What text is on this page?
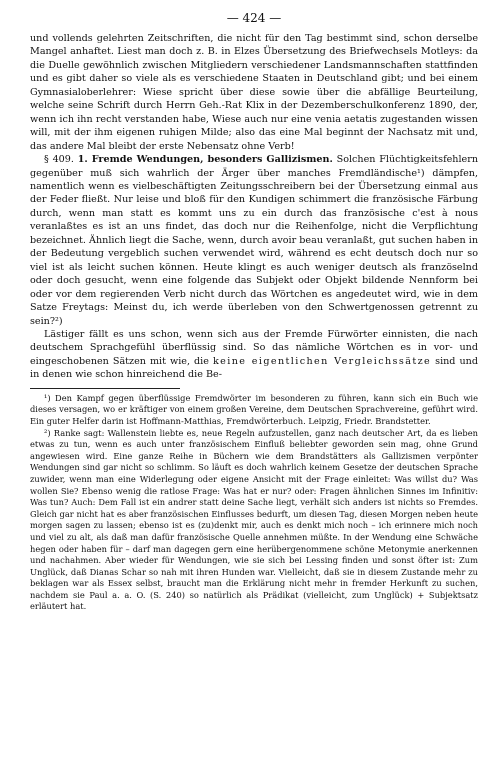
— 424 —

und vollends gelehrten Zeitschriften, die nicht für den Tag bestimmt sind, schon derselbe Mangel anhaftet. Liest man doch z. B. in Elzes Übersetzung des Briefwechsels Motleys: da die Duelle gewöhnlich zwischen Mitgliedern verschiedener Landsmannschaften stattfinden und es gibt daher so viele als es verschiedene Staaten in Deutschland gibt; und bei einem Gymnasialoberlehrer: Wiese spricht über diese sowie über die abfällige Beurteilung, welche seine Schrift durch Herrn Geh.-Rat Klix in der Dezemberschulkonferenz 1890, der, wenn ich ihn recht verstanden habe, Wiese auch nur eine venia aetatis zugestanden wissen will, mit der ihm eigenen ruhigen Milde; also das eine Mal beginnt der Nachsatz mit und, das andere Mal bleibt der erste Nebensatz ohne Verb!

§ 409. 1. Fremde Wendungen, besonders Gallizismen. Solchen Flüchtigkeitsfehlern gegenüber muß sich wahrlich der Ärger über manches Fremdländische¹) dämpfen, namentlich wenn es vielbeschäftigten Zeitungsschreibern bei der Übersetzung einmal aus der Feder fließt. Nur leise und bloß für den Kundigen schimmert die französische Färbung durch, wenn man statt es kommt uns zu ein durch das französische c'est à nous veranlaßtes es ist an uns findet, das doch nur die Reihenfolge, nicht die Verpflichtung bezeichnet. Ähnlich liegt die Sache, wenn, durch avoir beau veranlaßt, gut suchen haben in der Bedeutung vergeblich suchen verwendet wird, während es echt deutsch doch nur so viel ist als leicht suchen können. Heute klingt es auch weniger deutsch als französelnd oder doch gesucht, wenn eine folgende das Subjekt oder Objekt bildende Nennform bei oder vor dem regierenden Verb nicht durch das Wörtchen es angedeutet wird, wie in dem Satze Freytags: Meinst du, ich werde überleben von den Schwertgenossen getrennt zu sein?²)

Lästiger fällt es uns schon, wenn sich aus der Fremde Fürwörter einnisten, die nach deutschem Sprachgefühl überflüssig sind. So das nämliche Wörtchen es in vor- und eingeschobenen Sätzen mit wie, die keine eigentlichen Vergleichssätze sind und in denen wie schon hinreichend die Be-

¹) Den Kampf gegen überflüssige Fremdwörter im besonderen zu führen, kann sich ein Buch wie dieses versagen, wo er kräftiger von einem großen Vereine, dem Deutschen Sprachvereine, geführt wird. Ein guter Helfer darin ist Hoffmann-Matthias, Fremdwörterbuch. Leipzig, Friedr. Brandstetter.

²) Ranke sagt: Wallenstein liebte es, neue Regeln aufzustellen, ganz nach deutscher Art, da es lieben etwas zu tun, wenn es auch unter französischem Einfluß beliebter geworden sein mag, ohne Grund angewiesen wird. Eine ganze Reihe in Büchern wie dem Brandstätters als Gallizismen verpönter Wendungen sind gar nicht so schlimm. So läuft es doch wahrlich keinem Gesetze der deutschen Sprache zuwider, wenn man eine Widerlegung oder eigene Ansicht mit der Frage einleitet: Was willst du? Was wollen Sie? Ebenso wenig die ratlose Frage: Was hat er nur? oder: Fragen ähnlichen Sinnes im Infinitiv: Was tun? Auch: Dem Fall ist ein andrer statt deine Sache liegt, verhält sich anders ist nichts so Fremdes. Gleich gar nicht hat es aber französischen Einflusses bedurft, um diesen Tag, diesen Morgen neben heute morgen sagen zu lassen; ebenso ist es (zu)denkt mir, auch es denkt mich noch – ich erinnere mich noch und viel zu alt, als daß man dafür französische Quelle annehmen müßte. In der Wendung eine Schwäche hegen oder haben für – darf man dagegen gern eine herübergenommene schöne Metonymie anerkennen und nachahmen. Aber wieder für Wendungen, wie sie sich bei Lessing finden und sonst öfter ist: Zum Unglück, daß Dianas Schar so nah mit ihren Hunden war. Vielleicht, daß sie in diesem Zustande mehr zu beklagen war als Essex selbst, braucht man die Erklärung nicht mehr in fremder Herkunft zu suchen, nachdem sie Paul a. a. O. (S. 240) so natürlich als Prädikat (vielleicht, zum Unglück) + Subjektsatz erläutert hat.
